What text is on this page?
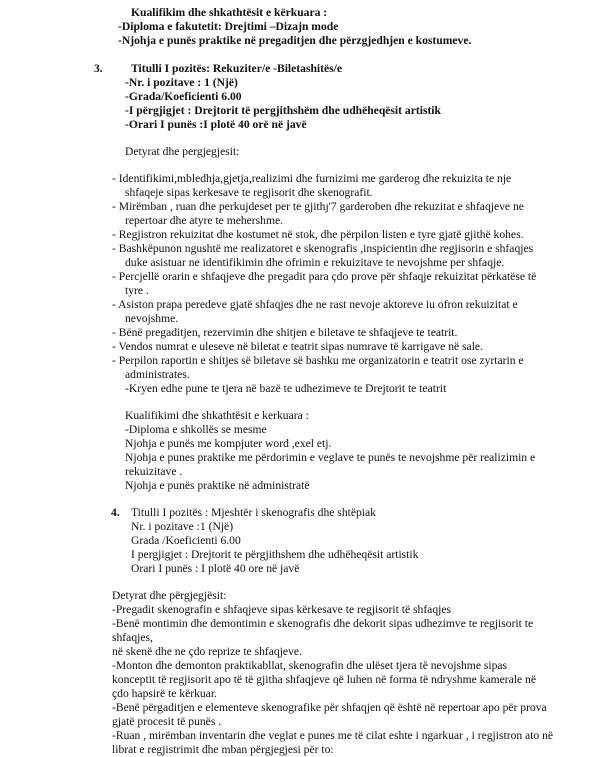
Kualifikim dhe shkathtësit e kërkuara :
-Diploma e fakutetit: Drejtimi –Dizajn mode
-Njohja e punës praktike në pregaditjen dhe përzgjedhjen e kostumeve.
3. Titulli I pozitës: Rekuziter/e -Biletashitës/e
-Nr. i pozitave : 1 (Një)
-Grada/Koeficienti 6.00
-I përgjigjet : Drejtorit të pergjithshëm dhe udhëheqësit artistik
-Orari I punës :I plotë 40 orë në javë
Detyrat dhe pergjegjesit:
- Identifikimi,mbledhja,gjetja,realizimi dhe furnizimi me garderog dhe rekuizita te nje
shfaqeje sipas kerkesave te regjisorit dhe skenografit.
- Mirëmban , ruan dhe perkujdeset per te gjithȷ'7 garderoben dhe rekuzitat e shfaqjeve ne
repertoar dhe atyre te mehershme.
- Regjistron rekuizitat dhe kostumet në stok, dhe përpilon listen e tyre gjatë gjithë kohes.
- Bashkëpunon ngushtë me realizatoret e skenografis ,inspicientin dhe regjisorin e shfaqjes
duke asistuar ne identifikimin dhe ofrimin e rekuizitave te nevojshme per shfaqje.
- Percjellë orarin e shfaqjeve dhe pregadit para çdo prove për shfaqje rekuizitat përkatëse të
tyre .
- Asiston prapa peredeve gjatë shfaqjes dhe ne rast nevoje aktoreve iu ofron rekuizitat e
nevojshme.
- Bënë pregaditjen, rezervimin dhe shitjen e biletave te shfaqjeve te teatrit.
- Vendos numrat e uleseve në biletat e teatrit sipas numrave të karrigave në sale.
- Perpilon raportin e shitjes së biletave së bashku me organizatorin e teatrit ose zyrtarin e
administrates.
-Kryen edhe pune te tjera në bazë te udhezimeve te Drejtorit te teatrit
Kualifikimi dhe shkathtësit e kerkuara :
-Diploma e shkollës se mesme
Njohja e punës me kompjuter word ,exel etj.
Njohja e punes praktike me përdorimin e veglave te punës te nevojshme për realizimin e
rekuizitave .
Njohja e punës praktike në administratë
4. Titulli I pozitës : Mjeshtër i skenografis dhe shtëpiak
Nr. i pozitave :1 (Një)
Grada /Koeficienti 6.00
I pergjigjet : Drejtorit te përgjithshem dhe udhëheqësit artistik
Orari I punës : I plotë 40 ore në javë
Detyrat dhe përgjegjësit:
-Pregadit skenografin e shfaqjeve sipas kërkesave te regjisorit të shfaqjes
-Benë montimin dhe demontimin e skenografis dhe dekorit sipas udhezimve te regjisorit te
shfaqjes,
në skenë dhe ne çdo reprize te shfaqjeve.
-Monton dhe demonton praktikabllat, skenografin dhe ulëset tjera të nevojshme sipas
konceptit të regjisorit apo të të gjitha shfaqjeve që luhen në forma të ndryshme kamerale në
çdo hapsirë te kërkuar.
-Benë përgaditjen e elementeve skenografike për shfaqjen që është në repertoar apo për prova
gjatë procesit të punës .
-Ruan , mirëmban inventarin dhe veglat e punes me të cilat eshte i ngarkuar , i regjistron ato në
librat e regjistrimit dhe mban përgjegjesi për to:
